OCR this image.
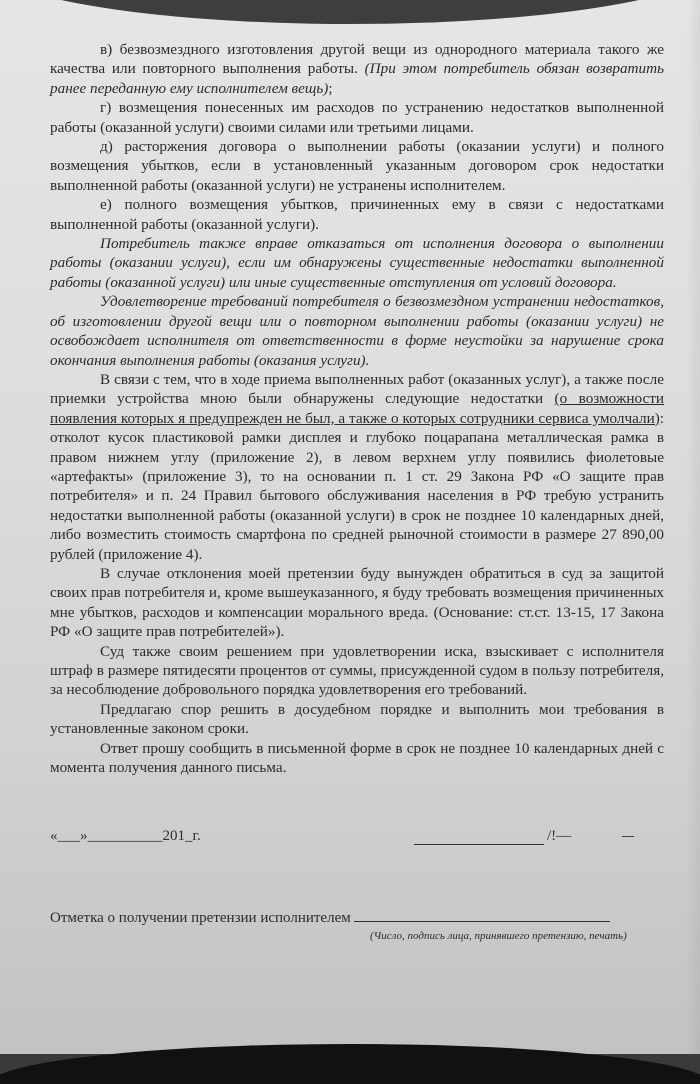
в) безвозмездного изготовления другой вещи из однородного материала такого же качества или повторного выполнения работы. (При этом потребитель обязан возвратить ранее переданную ему исполнителем вещь);

г) возмещения понесенных им расходов по устранению недостатков выполненной работы (оказанной услуги) своими силами или третьими лицами.

д) расторжения договора о выполнении работы (оказании услуги) и полного возмещения убытков, если в установленный указанным договором срок недостатки выполненной работы (оказанной услуги) не устранены исполнителем.

е) полного возмещения убытков, причиненных ему в связи с недостатками выполненной работы (оказанной услуги).

Потребитель также вправе отказаться от исполнения договора о выполнении работы (оказании услуги), если им обнаружены существенные недостатки выполненной работы (оказанной услуги) или иные существенные отступления от условий договора.

Удовлетворение требований потребителя о безвозмездном устранении недостатков, об изготовлении другой вещи или о повторном выполнении работы (оказании услуги) не освобождает исполнителя от ответственности в форме неустойки за нарушение срока окончания выполнения работы (оказания услуги).

В связи с тем, что в ходе приема выполненных работ (оказанных услуг), а также после приемки устройства мною были обнаружены следующие недостатки (о возможности появления которых я предупрежден не был, а также о которых сотрудники сервиса умолчали): отколот кусок пластиковой рамки дисплея и глубоко поцарапана металлическая рамка в правом нижнем углу (приложение 2), в левом верхнем углу появились фиолетовые «артефакты» (приложение 3), то на основании п. 1 ст. 29 Закона РФ «О защите прав потребителя» и п. 24 Правил бытового обслуживания населения в РФ требую устранить недостатки выполненной работы (оказанной услуги) в срок не позднее 10 календарных дней, либо возместить стоимость смартфона по средней рыночной стоимости в размере 27 890,00 рублей (приложение 4).

В случае отклонения моей претензии буду вынужден обратиться в суд за защитой своих прав потребителя и, кроме вышеуказанного, я буду требовать возмещения причиненных мне убытков, расходов и компенсации морального вреда. (Основание: ст.ст. 13-15, 17 Закона РФ «О защите прав потребителей»).

Суд также своим решением при удовлетворении иска, взыскивает с исполнителя штраф в размере пятидесяти процентов от суммы, присужденной судом в пользу потребителя, за несоблюдение добровольного порядка удовлетворения его требований.

Предлагаю спор решить в досудебном порядке и выполнить мои требования в установленные законом сроки.

Ответ прошу сообщить в письменной форме в срок не позднее 10 календарных дней с момента получения данного письма.

«___»__________201_г.	/!—
Отметка о получении претензии исполнителем
(Число, подпись лица, принявшего претензию, печать)
